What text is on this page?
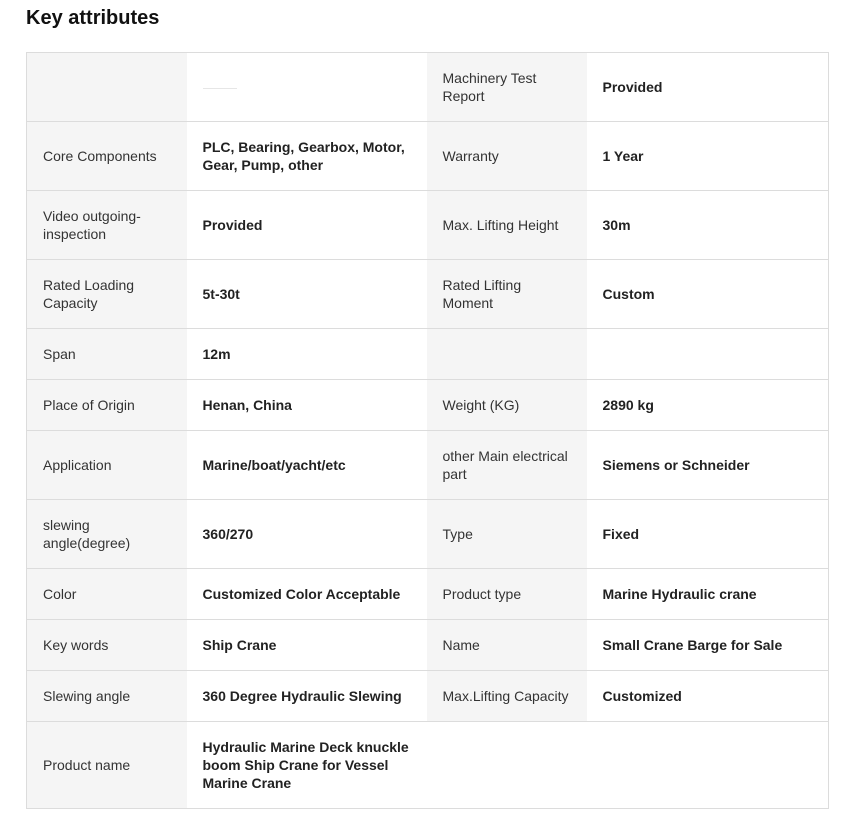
Key attributes
		Machinery Test Report	Provided
Core Components	PLC, Bearing, Gearbox, Motor, Gear, Pump, other	Warranty	1 Year
Video outgoing-inspection	Provided	Max. Lifting Height	30m
Rated Loading Capacity	5t-30t	Rated Lifting Moment	Custom
Span	12m		
Place of Origin	Henan, China	Weight (KG)	2890 kg
Application	Marine/boat/yacht/etc	other Main electrical part	Siemens or Schneider
slewing angle(degree)	360/270	Type	Fixed
Color	Customized Color Acceptable	Product type	Marine Hydraulic crane
Key words	Ship Crane	Name	Small Crane Barge for Sale
Slewing angle	360 Degree Hydraulic Slewing	Max.Lifting Capacity	Customized
Product name	Hydraulic Marine Deck knuckle boom Ship Crane for Vessel Marine Crane		
